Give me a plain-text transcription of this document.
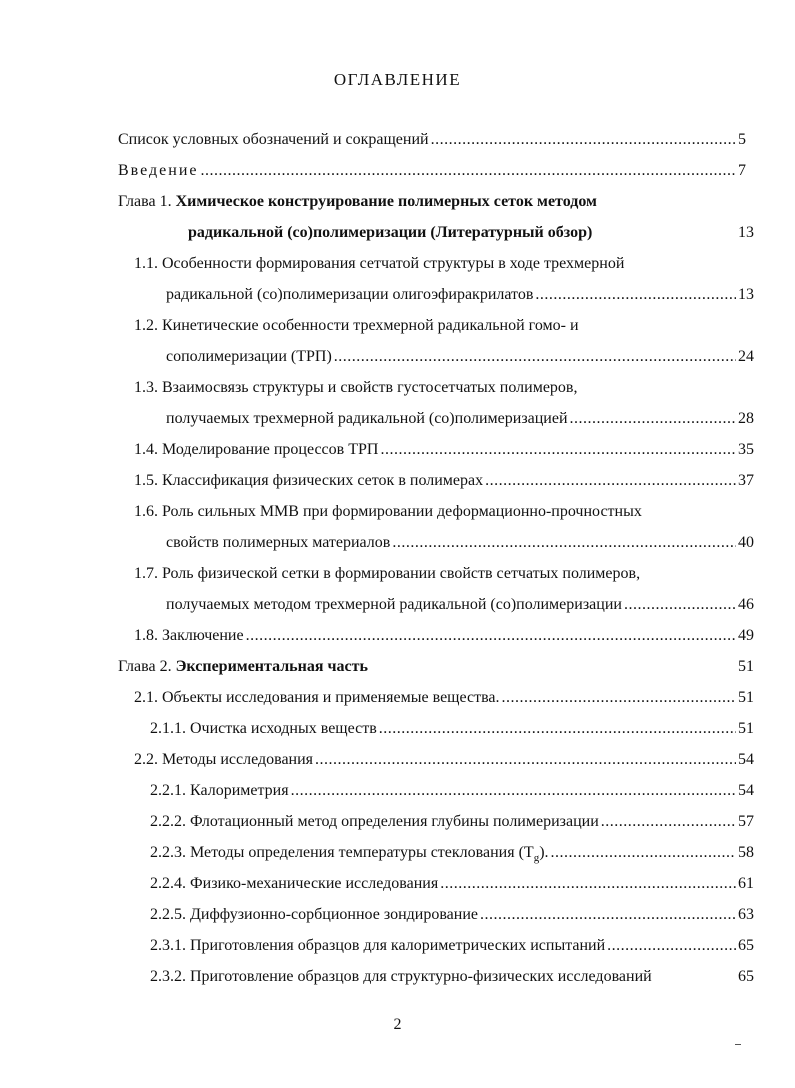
ОГЛАВЛЕНИЕ
Список условных обозначений и сокращений .....	5
Введение .....	7
Глава 1.
Химическое конструирование полимерных сеток методом
радикальной (со)полимеризации (Литературный обзор)	13
1.1. Особенности формирования сетчатой структуры в ходе трехмерной
радикальной (со)полимеризации олигоэфиракрилатов .....	13
1.2. Кинетические особенности трехмерной радикальной гомо- и
сополимеризации (ТРП) .....	24
1.3. Взаимосвязь структуры и свойств густосетчатых полимеров,
получаемых трехмерной радикальной (со)полимеризацией .....	28
1.4. Моделирование процессов ТРП .....	35
1.5. Классификация физических сеток в полимерах .....	37
1.6. Роль сильных ММВ при формировании деформационно-прочностных
свойств полимерных материалов .....	40
1.7. Роль физической сетки в формировании свойств сетчатых полимеров,
получаемых методом трехмерной радикальной (со)полимеризации .....	46
1.8. Заключение .....	49
Глава 2.
Экспериментальная часть	51
2.1. Объекты исследования и применяемые вещества. .....	51
2.1.1. Очистка исходных веществ .....	51
2.2. Методы исследования .....	54
2.2.1. Калориметрия .....	54
2.2.2. Флотационный метод определения глубины полимеризации .....	57
2.2.3. Методы определения температуры стеклования $(T_g)$. .....	58
2.2.4. Физико-механические исследования .....	61
2.2.5. Диффузионно-сорбционное зондирование .....	63
2.3.1. Приготовления образцов для калориметрических испытаний .....	65
2.3.2. Приготовление образцов для структурно-физических исследований	65
2
